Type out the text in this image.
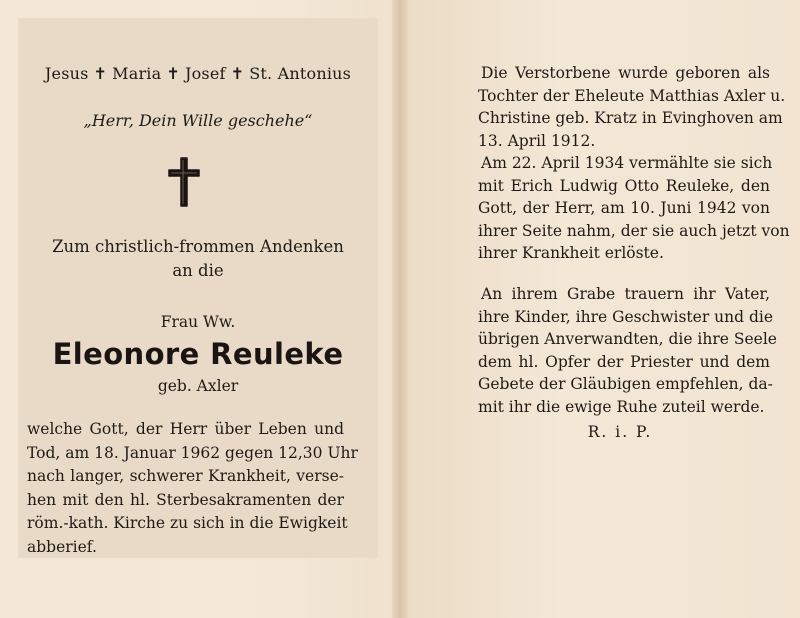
Jesus ✝ Maria ✝ Josef ✝ St. Antonius
„Herr, Dein Wille geschehe“
Zum christlich-frommen Andenken
an die
Frau Ww.
Eleonore Reuleke
geb. Axler
welche Gott, der Herr über Leben und
Tod, am 18. Januar 1962 gegen 12,30 Uhr
nach langer, schwerer Krankheit, verse-
hen mit den hl. Sterbesakramenten der
röm.-kath. Kirche zu sich in die Ewigkeit
abberief.
Die Verstorbene wurde geboren als
Tochter der Eheleute Matthias Axler u.
Christine geb. Kratz in Evinghoven am
13. April 1912.
Am 22. April 1934 vermählte sie sich
mit Erich Ludwig Otto Reuleke, den
Gott, der Herr, am 10. Juni 1942 von
ihrer Seite nahm, der sie auch jetzt von
ihrer Krankheit erlöste.
An ihrem Grabe trauern ihr Vater,
ihre Kinder, ihre Geschwister und die
übrigen Anverwandten, die ihre Seele
dem hl. Opfer der Priester und dem
Gebete der Gläubigen empfehlen, da-
mit ihr die ewige Ruhe zuteil werde.
R. i. P.
